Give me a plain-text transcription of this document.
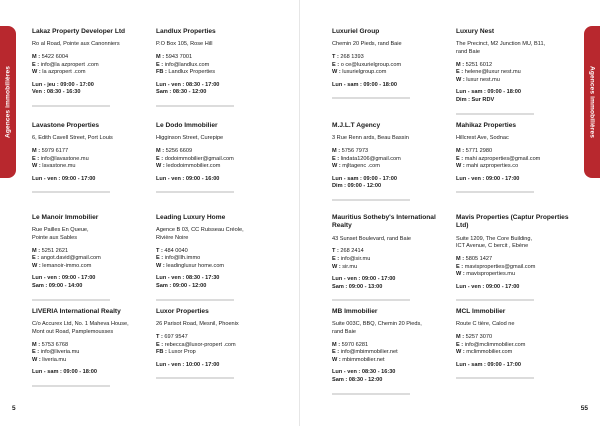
Agences immobilières	Agences immobilières
5	55
Lakaz Property Developer Ltd
Ro al Road, Pointe aux Canonniers
M : 5422 6004
E : info@la azpropert .com
W : la azpropert .com
Lun - jeu : 09:00 - 17:00
Ven : 08:30 - 16:30
Landlux Properties
P.O Box 105, Rose Hill
M : 5943 7001
E : info@landlux.com
FB : Landlux Properties
Lun - ven : 08:30 - 17:00
Sam : 08:30 - 12:00
Luxuriel Group
Chemin 20 Pieds, rand Baie
T : 268 1393
E : o ce@luxurielgroup.com
W : luxurielgroup.com
Lun - sam : 09:00 - 18:00
Luxury Nest
The Precinct, M2 Junction MU, B11,
rand Baie
M : 5251 6012
E : helene@luxur nest.mu
W : luxur nest.mu
Lun - sam : 09:00 - 18:00
Dim : Sur RDV
Lavastone Properties
6, Edith Cavell Street, Port Louis
M : 5979 6177
E : info@lavastone.mu
W : lavastone.mu
Lun - ven : 09:00 - 17:00
Le Dodo Immobilier
Higginson Street, Curepipe
M : 5256 6609
E : dodoimmobilier@gmail.com
W : ledodoimmobilier.com
Lun - ven : 09:00 - 16:00
M.J.L.T Agency
3 Rue Renn ards, Beau Bassin
M : 5756 7973
E : lindata1206@gmail.com
W : mjltagenc .com
Lun - sam : 09:00 - 17:00
Dim : 09:00 - 12:00
Mahikaz Properties
Hillcrest Ave, Sodnac
M : 5771 2980
E : mahi azproperties@gmail.com
W : mahi azproperties.co
Lun - ven : 09:00 - 17:00
Le Manoir Immobilier
Rue Pailles En Queue,
Pointe aux Sables
M : 5251 2621
E : angot.david@gmail.com
W : lemanoir-immo.com
Lun - ven : 09:00 - 17:00
Sam : 09:00 - 14:00
Leading Luxury Home
Agence B 03, CC Ruisseau Créole,
Rivière Noire
T : 484 0040
E : info@llh.immo
W : leadingluxur home.com
Lun - ven : 08:30 - 17:30
Sam : 09:00 - 12:00
Mauritius Sotheby's International Realty
43 Sunset Boulevard, rand Baie
T : 268 2414
E : info@sir.mu
W : sir.mu
Lun - ven : 09:00 - 17:00
Sam : 09:00 - 13:00
Mavis Properties (Captur Properties Ltd)
Suite 1209, The Core Building,
ICT Avenue, C bercit , Ebène
M : 5805 1427
E : mavisproperties@gmail.com
W : mavisproperties.mu
Lun - ven : 09:00 - 17:00
LIVERIA International Realty
C/o Accurex Ltd, No. 1 Maheva House,
Mont out Road, Pamplemousses
M : 5753 6768
E : info@liveria.mu
W : liveria.mu
Lun - sam : 09:00 - 18:00
Luxor Properties
26 Parisot Road, Mesnil, Phoenix
T : 697 9547
E : rebecca@luxor-propert .com
FB : Luxor Prop
Lun - ven : 10:00 - 17:00
MB Immobilier
Suite 003C, BBQ, Chemin 20 Pieds,
rand Baie
M : 5970 6281
E : info@mbimmobilier.net
W : mbimmobilier.net
Lun - ven : 08:30 - 16:30
Sam : 08:30 - 12:00
MCL Immobilier
Route C tière, Calod ne
M : 5257 3070
E : info@mclimmobilier.com
W : mclimmobilier.com
Lun - sam : 09:00 - 17:00
